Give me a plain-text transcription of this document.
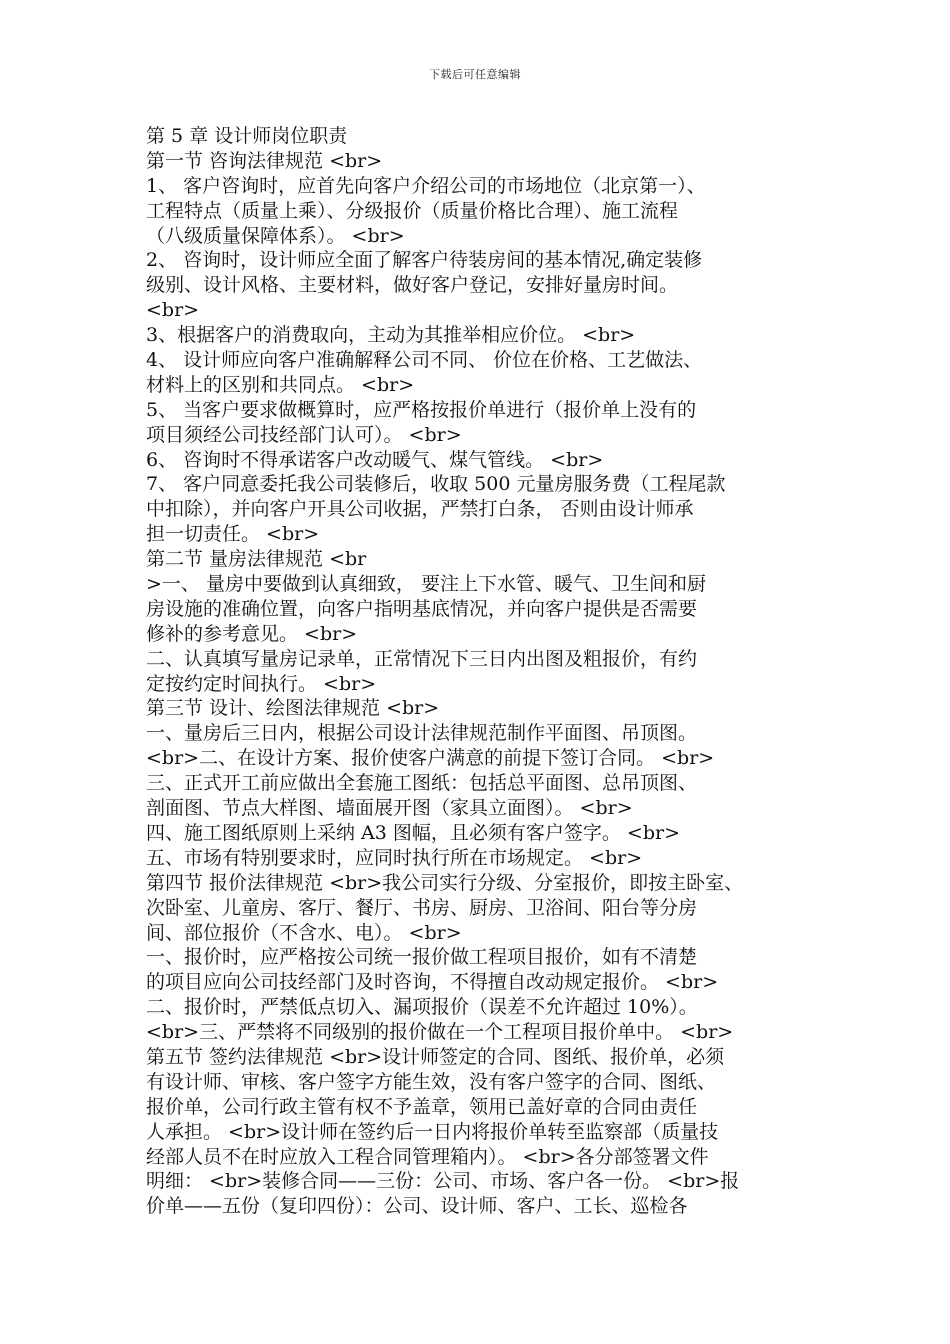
下载后可任意编辑
第 5 章 设计师岗位职责
第一节 咨询法律规范 <br>
1、 客户咨询时，应首先向客户介绍公司的市场地位（北京第一）、
工程特点（质量上乘）、分级报价（质量价格比合理）、施工流程
（八级质量保障体系）。 <br>
2、 咨询时，设计师应全面了解客户待装房间的基本情况,确定装修
级别、设计风格、主要材料，做好客户登记，安排好量房时间。
<br>
3、根据客户的消费取向，主动为其推举相应价位。 <br>
4、 设计师应向客户准确解释公司不同、 价位在价格、工艺做法、
材料上的区别和共同点。 <br>
5、 当客户要求做概算时，应严格按报价单进行（报价单上没有的
项目须经公司技经部门认可）。 <br>
6、 咨询时不得承诺客户改动暖气、煤气管线。 <br>
7、 客户同意委托我公司装修后，收取 500 元量房服务费（工程尾款
中扣除），并向客户开具公司收据，严禁打白条， 否则由设计师承
担一切责任。 <br>
第二节 量房法律规范 <br
>一、 量房中要做到认真细致， 要注上下水管、暖气、卫生间和厨
房设施的准确位置，向客户指明基底情况，并向客户提供是否需要
修补的参考意见。 <br>
二、认真填写量房记录单，正常情况下三日内出图及粗报价，有约
定按约定时间执行。 <br>
第三节 设计、绘图法律规范 <br>
一、量房后三日内，根据公司设计法律规范制作平面图、吊顶图。
<br>二、在设计方案、报价使客户满意的前提下签订合同。 <br>
三、正式开工前应做出全套施工图纸：包括总平面图、总吊顶图、
剖面图、节点大样图、墙面展开图（家具立面图）。 <br>
四、施工图纸原则上采纳 A3 图幅，且必须有客户签字。 <br>
五、市场有特别要求时，应同时执行所在市场规定。 <br>
第四节 报价法律规范 <br>我公司实行分级、分室报价，即按主卧室、
次卧室、儿童房、客厅、餐厅、书房、厨房、卫浴间、阳台等分房
间、部位报价（不含水、电）。 <br>
一、报价时，应严格按公司统一报价做工程项目报价，如有不清楚
的项目应向公司技经部门及时咨询，不得擅自改动规定报价。 <br>
二、报价时，严禁低点切入、漏项报价（误差不允许超过 10%）。
<br>三、严禁将不同级别的报价做在一个工程项目报价单中。 <br>
第五节 签约法律规范 <br>设计师签定的合同、图纸、报价单，必须
有设计师、审核、客户签字方能生效，没有客户签字的合同、图纸、
报价单，公司行政主管有权不予盖章，领用已盖好章的合同由责任
人承担。 <br>设计师在签约后一日内将报价单转至监察部（质量技
经部人员不在时应放入工程合同管理箱内）。 <br>各分部签署文件
明细： <br>装修合同——三份：公司、市场、客户各一份。 <br>报
价单——五份（复印四份）：公司、设计师、客户、工长、巡检各
